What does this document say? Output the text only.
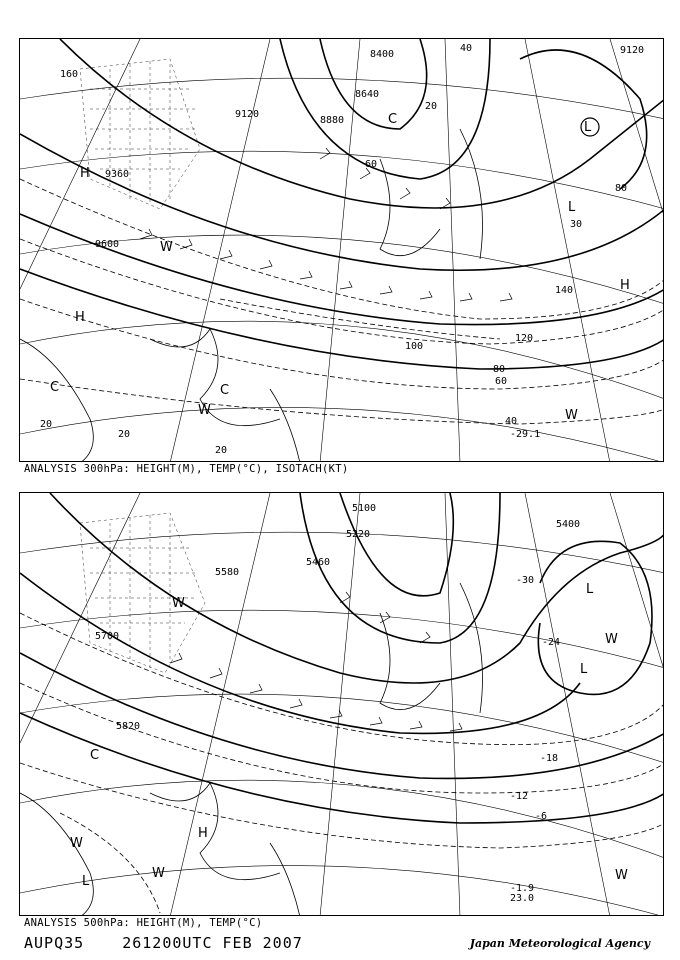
8400
8640
8880
9120
9120
9360
9600
20
40
60
80
100
120
140
160
30
20
20
20
40
60
80
-29.1
H
H
H
C
C
W	W
L
L
C
W
ANALYSIS 300hPa: HEIGHT(M), TEMP(°C), ISOTACH(KT)
5100
5220
5400
5460
5580
5700
5820
-30
-24
-18
-12
-6
-1.9
23.0
L
L
W
H
W
W
L	W
C
W
ANALYSIS 500hPa: HEIGHT(M), TEMP(°C)
AUPQ35	261200UTC FEB 2007	Japan Meteorological Agency
